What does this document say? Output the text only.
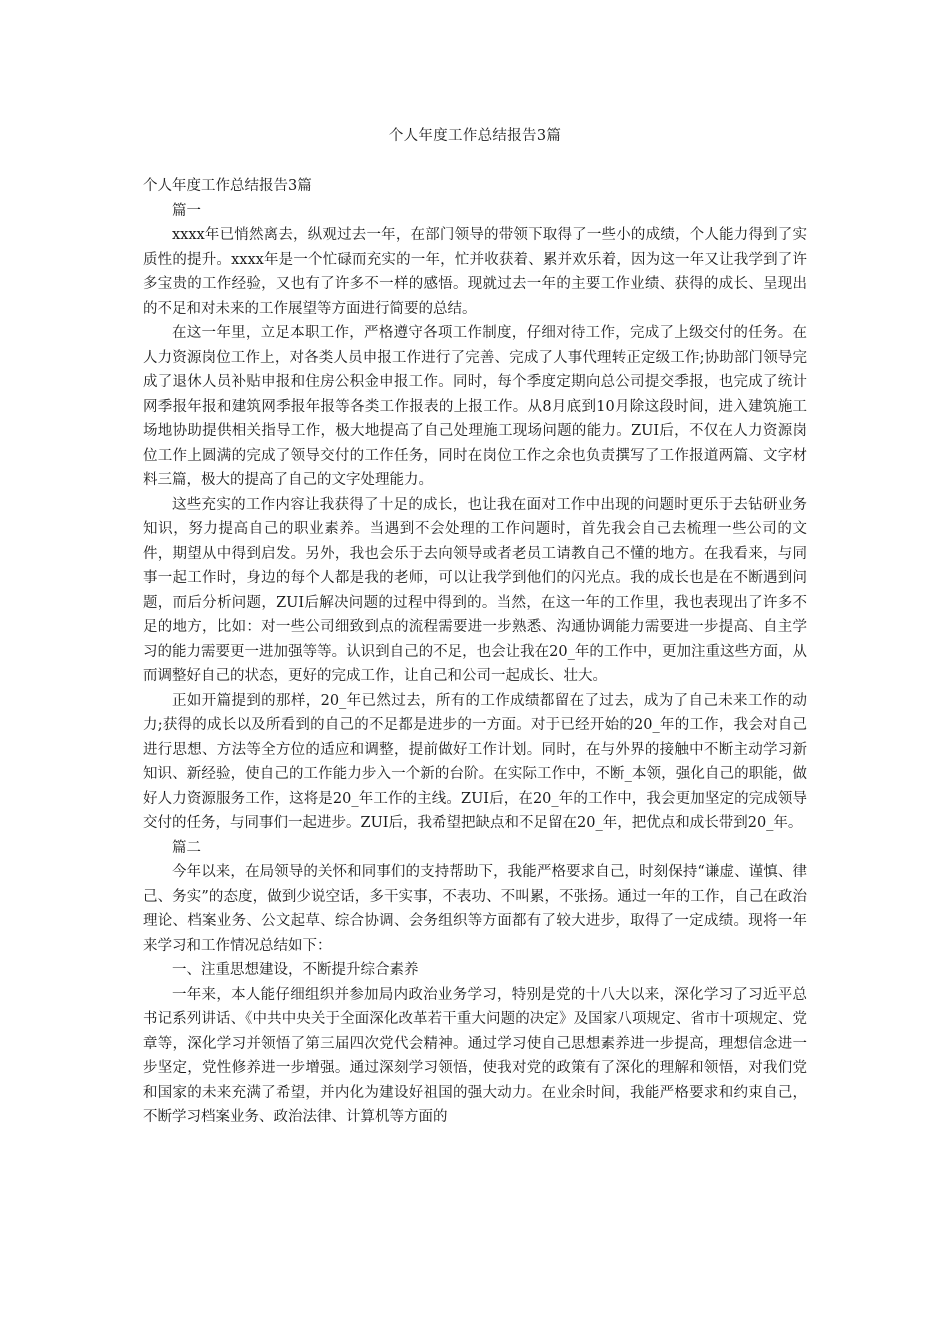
个人年度工作总结报告3篇

个人年度工作总结报告3篇

篇一

xxxx年已悄然离去，纵观过去一年，在部门领导的带领下取得了一些小的成绩，个人能力得到了实质性的提升。xxxx年是一个忙碌而充实的一年，忙并收获着、累并欢乐着，因为这一年又让我学到了许多宝贵的工作经验，又也有了许多不一样的感悟。现就过去一年的主要工作业绩、获得的成长、呈现出的不足和对未来的工作展望等方面进行简要的总结。

在这一年里，立足本职工作，严格遵守各项工作制度，仔细对待工作，完成了上级交付的任务。在人力资源岗位工作上，对各类人员申报工作进行了完善、完成了人事代理转正定级工作;协助部门领导完成了退休人员补贴申报和住房公积金申报工作。同时，每个季度定期向总公司提交季报，也完成了统计网季报年报和建筑网季报年报等各类工作报表的上报工作。从8月底到10月除这段时间，进入建筑施工场地协助提供相关指导工作，极大地提高了自己处理施工现场问题的能力。ZUI后，不仅在人力资源岗位工作上圆满的完成了领导交付的工作任务，同时在岗位工作之余也负责撰写了工作报道两篇、文字材料三篇，极大的提高了自己的文字处理能力。

这些充实的工作内容让我获得了十足的成长，也让我在面对工作中出现的问题时更乐于去钻研业务知识，努力提高自己的职业素养。当遇到不会处理的工作问题时，首先我会自己去梳理一些公司的文件，期望从中得到启发。另外，我也会乐于去向领导或者老员工请教自己不懂的地方。在我看来，与同事一起工作时，身边的每个人都是我的老师，可以让我学到他们的闪光点。我的成长也是在不断遇到问题，而后分析问题，ZUI后解决问题的过程中得到的。当然，在这一年的工作里，我也表现出了许多不足的地方，比如：对一些公司细致到点的流程需要进一步熟悉、沟通协调能力需要进一步提高、自主学习的能力需要更一进加强等等。认识到自己的不足，也会让我在20_年的工作中，更加注重这些方面，从而调整好自己的状态，更好的完成工作，让自己和公司一起成长、壮大。

正如开篇提到的那样，20_年已然过去，所有的工作成绩都留在了过去，成为了自己未来工作的动力;获得的成长以及所看到的自己的不足都是进步的一方面。对于已经开始的20_年的工作，我会对自己进行思想、方法等全方位的适应和调整，提前做好工作计划。同时，在与外界的接触中不断主动学习新知识、新经验，使自己的工作能力步入一个新的台阶。在实际工作中，不断_本领，强化自己的职能，做好人力资源服务工作，这将是20_年工作的主线。ZUI后，在20_年的工作中，我会更加坚定的完成领导交付的任务，与同事们一起进步。ZUI后，我希望把缺点和不足留在20_年，把优点和成长带到20_年。

篇二

今年以来，在局领导的关怀和同事们的支持帮助下，我能严格要求自己，时刻保持“谦虚、谨慎、律己、务实”的态度，做到少说空话，多干实事，不表功、不叫累，不张扬。通过一年的工作，自己在政治理论、档案业务、公文起草、综合协调、会务组织等方面都有了较大进步，取得了一定成绩。现将一年来学习和工作情况总结如下：

一、注重思想建设，不断提升综合素养

一年来，本人能仔细组织并参加局内政治业务学习，特别是党的十八大以来，深化学习了习近平总书记系列讲话、《中共中央关于全面深化改革若干重大问题的决定》及国家八项规定、省市十项规定、党章等，深化学习并领悟了第三届四次党代会精神。通过学习使自己思想素养进一步提高，理想信念进一步坚定，党性修养进一步增强。通过深刻学习领悟，使我对党的政策有了深化的理解和领悟，对我们党和国家的未来充满了希望，并内化为建设好祖国的强大动力。在业余时间，我能严格要求和约束自己，不断学习档案业务、政治法律、计算机等方面的
